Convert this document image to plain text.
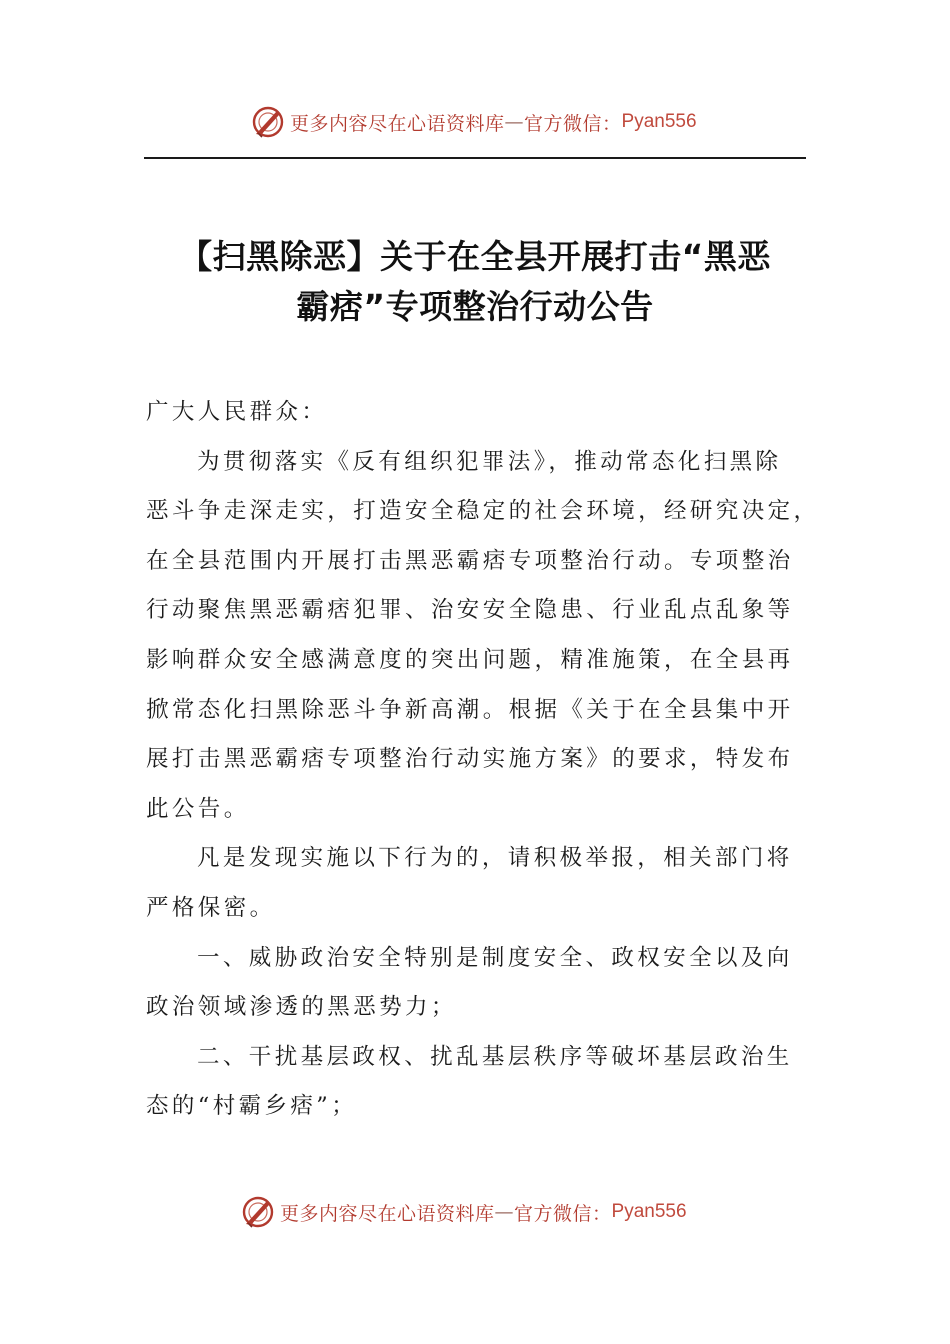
更多内容尽在心语资料库 — 官方微信： Pyan556
【扫黑除恶】关于在全县开展打击“黑恶
霸痞”专项整治行动公告

广大人民群众：

为贯彻落实《反有组织犯罪法》，推动常态化扫黑除
恶斗争走深走实，打造安全稳定的社会环境，经研究决定，
在全县范围内开展打击黑恶霸痞专项整治行动。专项整治
行动聚焦黑恶霸痞犯罪、治安安全隐患、行业乱点乱象等
影响群众安全感满意度的突出问题，精准施策，在全县再
掀常态化扫黑除恶斗争新高潮。根据《关于在全县集中开
展打击黑恶霸痞专项整治行动实施方案》的要求，特发布
此公告。

凡是发现实施以下行为的，请积极举报，相关部门将
严格保密。

一、威胁政治安全特别是制度安全、政权安全以及向
政治领域渗透的黑恶势力；

二、干扰基层政权、扰乱基层秩序等破坏基层政治生
态的“村霸乡痞”；

更多内容尽在心语资料库 — 官方微信： Pyan556
